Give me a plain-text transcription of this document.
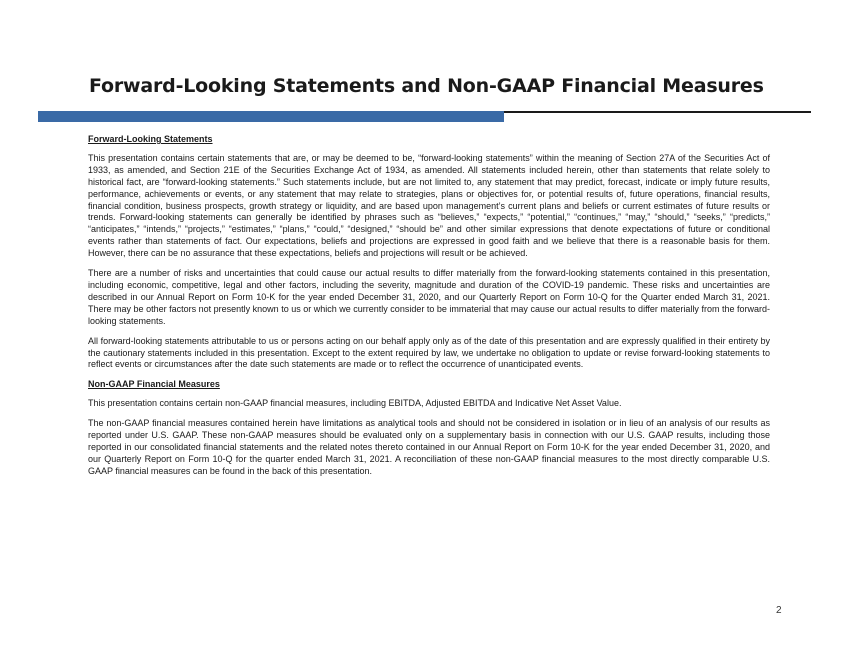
Forward-Looking Statements and Non-GAAP Financial Measures

Forward-Looking Statements

This presentation contains certain statements that are, or may be deemed to be, “forward-looking statements” within the meaning of Section 27A of the Securities Act of 1933, as amended, and Section 21E of the Securities Exchange Act of 1934, as amended. All statements included herein, other than statements that relate solely to historical fact, are “forward-looking statements.” Such statements include, but are not limited to, any statement that may predict, forecast, indicate or imply future results, performance, achievements or events, or any statement that may relate to strategies, plans or objectives for, or potential results of, future operations, financial results, financial condition, business prospects, growth strategy or liquidity, and are based upon management’s current plans and beliefs or current estimates of future results or trends. Forward-looking statements can generally be identified by phrases such as “believes,” “expects,” “potential,” “continues,” “may,” “should,” “seeks,” “predicts,” “anticipates,” “intends,” “projects,” “estimates,” “plans,” “could,” “designed,” “should be” and other similar expressions that denote expectations of future or conditional events rather than statements of fact. Our expectations, beliefs and projections are expressed in good faith and we believe that there is a reasonable basis for them. However, there can be no assurance that these expectations, beliefs and projections will result or be achieved.

There are a number of risks and uncertainties that could cause our actual results to differ materially from the forward-looking statements contained in this presentation, including economic, competitive, legal and other factors, including the severity, magnitude and duration of the COVID-19 pandemic. These risks and uncertainties are described in our Annual Report on Form 10-K for the year ended December 31, 2020, and our Quarterly Report on Form 10-Q for the Quarter ended March 31, 2021. There may be other factors not presently known to us or which we currently consider to be immaterial that may cause our actual results to differ materially from the forward-looking statements.

All forward-looking statements attributable to us or persons acting on our behalf apply only as of the date of this presentation and are expressly qualified in their entirety by the cautionary statements included in this presentation. Except to the extent required by law, we undertake no obligation to update or revise forward-looking statements to reflect events or circumstances after the date such statements are made or to reflect the occurrence of unanticipated events.

Non-GAAP Financial Measures

This presentation contains certain non-GAAP financial measures, including EBITDA, Adjusted EBITDA and Indicative Net Asset Value.

The non-GAAP financial measures contained herein have limitations as analytical tools and should not be considered in isolation or in lieu of an analysis of our results as reported under U.S. GAAP. These non-GAAP measures should be evaluated only on a supplementary basis in connection with our U.S. GAAP results, including those reported in our consolidated financial statements and the related notes thereto contained in our Annual Report on Form 10-K for the year ended December 31, 2020, and our Quarterly Report on Form 10-Q for the quarter ended March 31, 2021. A reconciliation of these non-GAAP financial measures to the most directly comparable U.S. GAAP financial measures can be found in the back of this presentation.

2
